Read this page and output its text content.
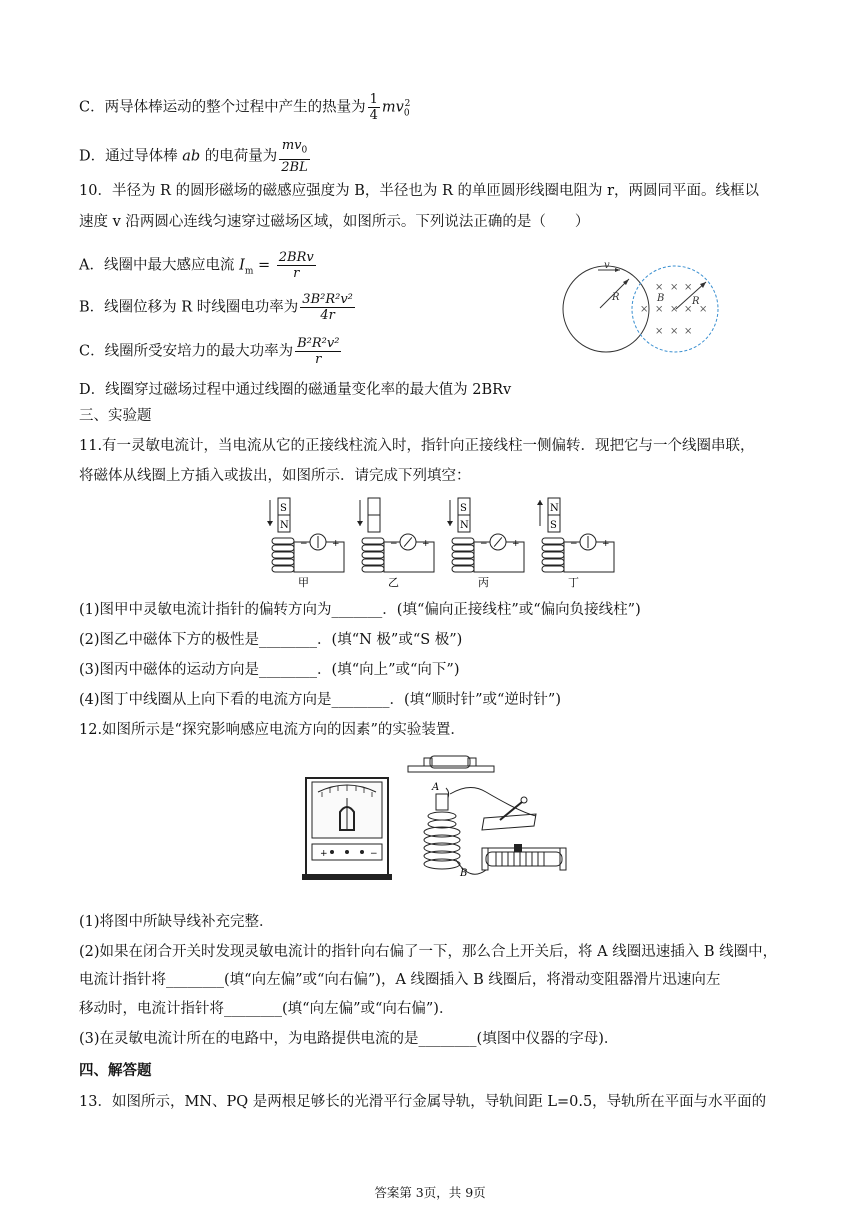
C．两导体棒运动的整个过程中产生的热量为 $\frac{1}{4} mv_0^2$
D．通过导体棒 ab 的电荷量为 $\frac{mv_0}{2BL}$
10．半径为 R 的圆形磁场的磁感应强度为 B，半径也为 R 的单匝圆形线圈电阻为 r，两圆同平面。线框以
速度 v 沿两圆心连线匀速穿过磁场区域，如图所示。下列说法正确的是（　　）
A．线圈中最大感应电流 $I_m = \frac{\text{2BRv}}{r}$
B．线圈位移为 R 时线圈电功率为 $\frac{\text{3B²R²v²}}{4r}$
C．线圈所受安培力的最大功率为 $\frac{\text{B²R²v²}}{r}$
D．线圈穿过磁场过程中通过线圈的磁通量变化率的最大值为 2BRv
R
v
× × ×
× × × × ×
× × ×
B	R
三、实验题
11.有一灵敏电流计，当电流从它的正接线柱流入时，指针向正接线柱一侧偏转．现把它与一个线圈串联，
将磁体从线圈上方插入或拔出，如图所示．请完成下列填空：
S
N
−	+
甲
−	+
乙
S
N
−	+
丙
N
S
−	+
丁
(1)图甲中灵敏电流计指针的偏转方向为_______．(填“偏向正接线柱”或“偏向负接线柱”)
(2)图乙中磁体下方的极性是________．(填“N 极”或“S 极”)
(3)图丙中磁体的运动方向是________．(填“向上”或“向下”)
(4)图丁中线圈从上向下看的电流方向是________．(填“顺时针”或“逆时针”)
12.如图所示是“探究影响感应电流方向的因素”的实验装置．
+	−
A
B
(1)将图中所缺导线补充完整．
(2)如果在闭合开关时发现灵敏电流计的指针向右偏了一下，那么合上开关后，将 A 线圈迅速插入 B 线圈中，
电流计指针将________(填“向左偏”或“向右偏”)，A 线圈插入 B 线圈后，将滑动变阻器滑片迅速向左
移动时，电流计指针将________(填“向左偏”或“向右偏”)．
(3)在灵敏电流计所在的电路中，为电路提供电流的是________(填图中仪器的字母)．
四、解答题
13．如图所示，MN、PQ 是两根足够长的光滑平行金属导轨，导轨间距 L=0.5，导轨所在平面与水平面的
答案第 3页，共 9页
